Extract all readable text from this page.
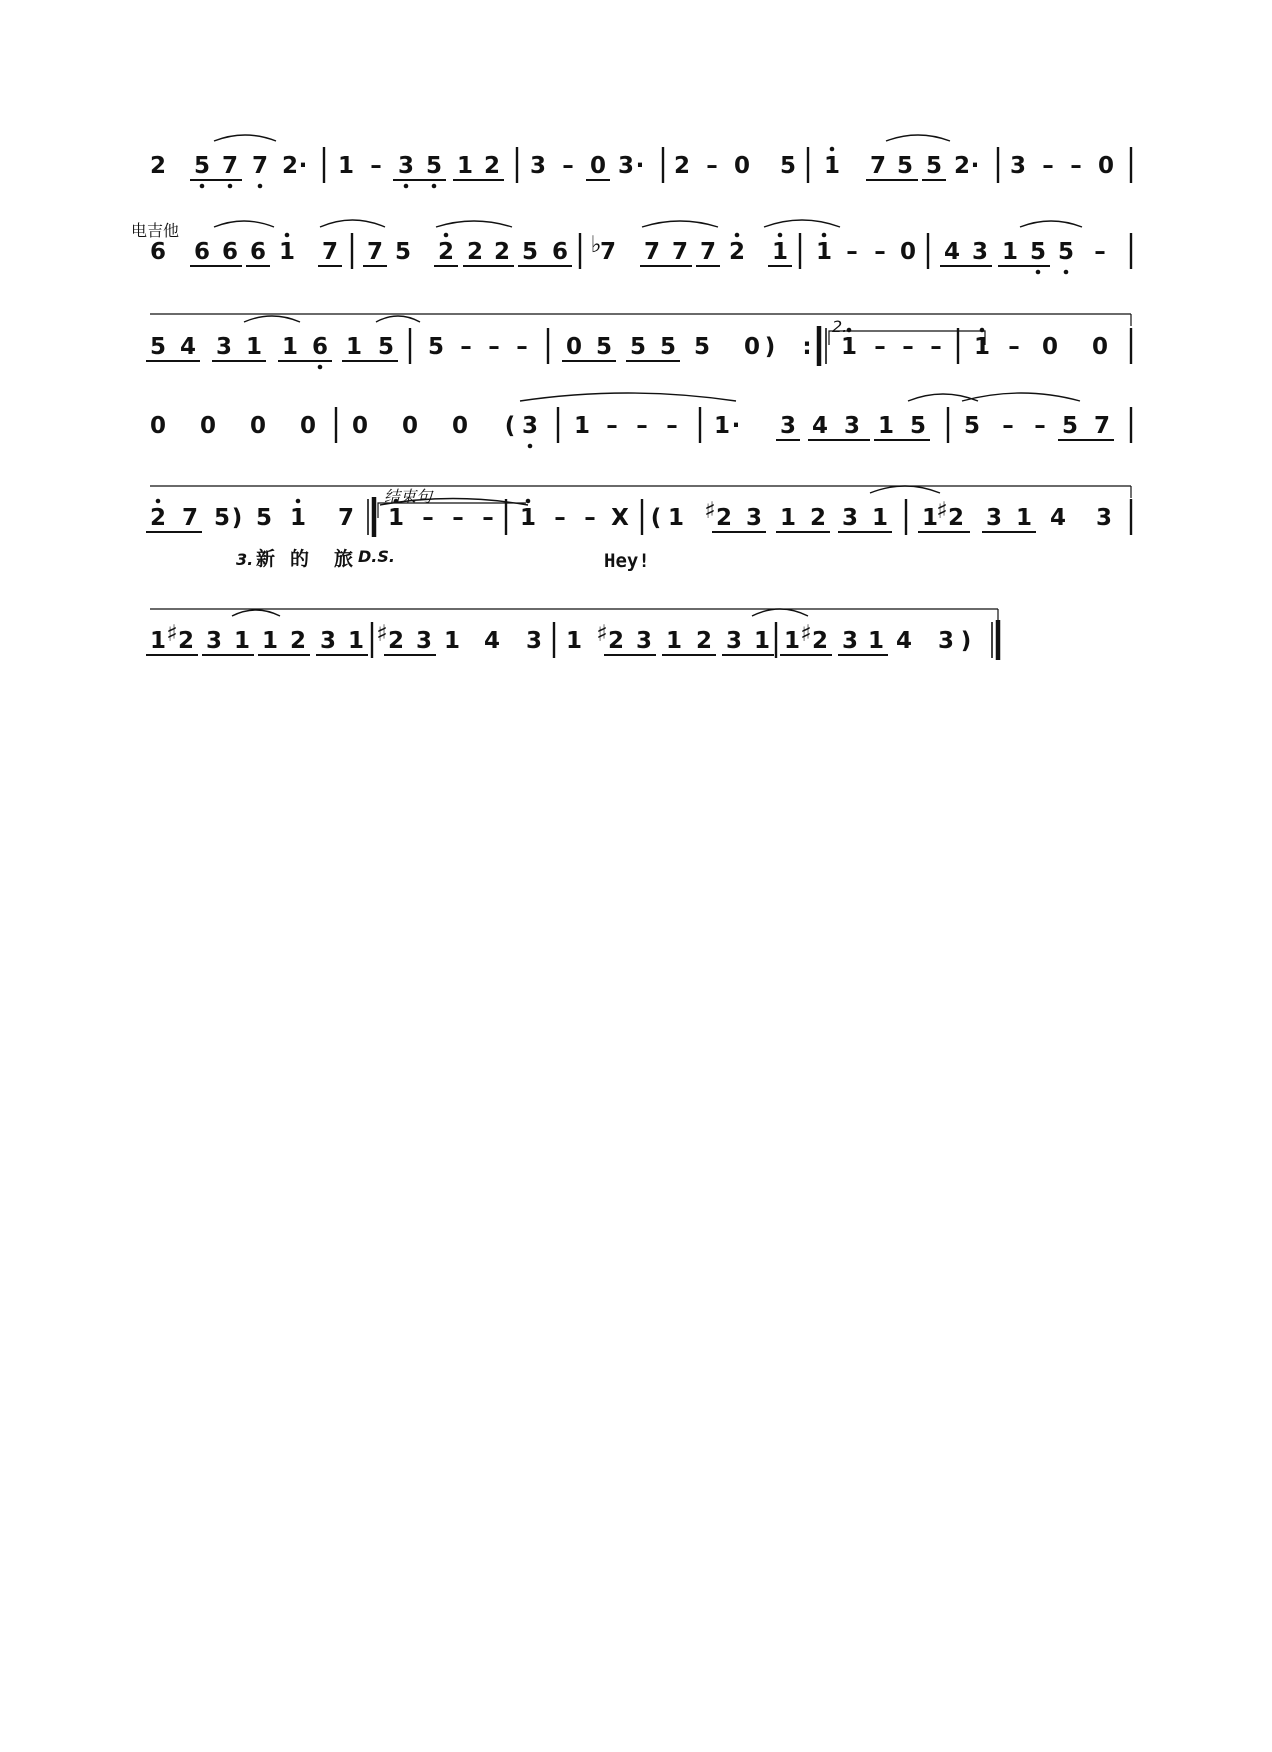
2 5 7 7 2 · 1 – 3 5 1 2 3 – 0 3 · 2 – 0 5 1 7 5 5 2 · 3 – – 0
6 6 6 6 1 7 7 5 2 2 2 5 6 ♭
7 7 7 7 2 1 1 – – 0 4 3 1 5 5 –
5 4 3 1 1 6 1 5 5 – – – 0 5 5 5 5 0 ) : 1 – – – 1 – 0 0
0 0 0 0 0 0 0 ( 3 1 – – – 1 · 3 4 3 1 5 5 – – 5 7
2 7 5 ) 5 1 7 1 – – – 1 – – X ( 1 ♯ 2 3 1 2 3 1 1
♯ 2 3 1 4 3
1 ♯ 2 3 1 1 2 3 1 ♯ 2 3 1 4 3 1 ♯ 2 3 1 2 3 1 1 ♯ 2 3 1 4 3 )
电吉他
2.
结束句
3. 新 的 旅 D.S.	Hey!
